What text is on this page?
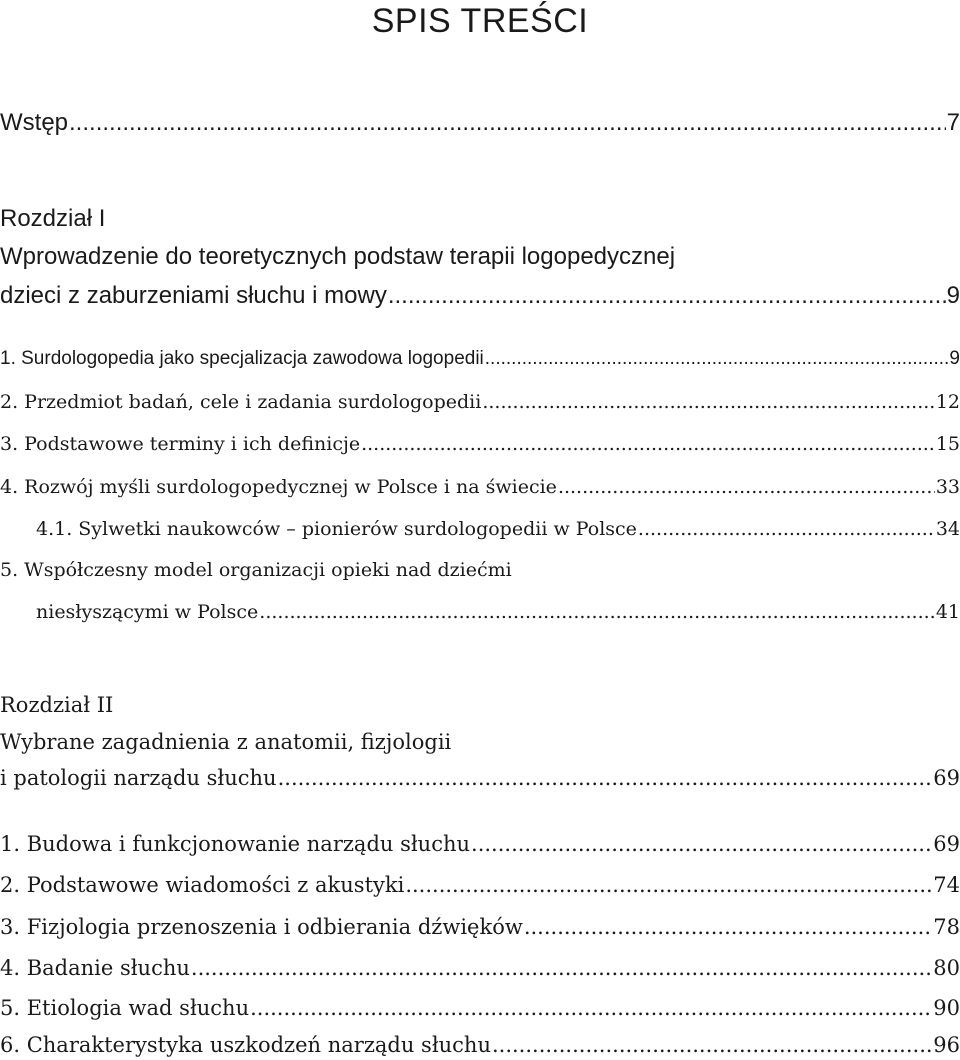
SPIS TREŚCI
Wstęp .....	7
Rozdział I
Wprowadzenie do teoretycznych podstaw terapii logopedycznej
dzieci z zaburzeniami słuchu i mowy .....	9
1. Surdologopedia jako specjalizacja zawodowa logopedii .....	9
2. Przedmiot badań, cele i zadania surdologopedii .....	12
3. Podstawowe terminy i ich definicje .....	15
4. Rozwój myśli surdologopedycznej w Polsce i na świecie .....	33
4.1. Sylwetki naukowców – pionierów surdologopedii w Polsce .....	34
5. Współczesny model organizacji opieki nad dziećmi
niesłyszącymi w Polsce .....	41
Rozdział II
Wybrane zagadnienia z anatomii, fizjologii
i patologii narządu słuchu .....	69
1. Budowa i funkcjonowanie narządu słuchu .....	69
2. Podstawowe wiadomości z akustyki .....	74
3. Fizjologia przenoszenia i odbierania dźwięków .....	78
4. Badanie słuchu .....	80
5. Etiologia wad słuchu .....	90
6. Charakterystyka uszkodzeń narządu słuchu .....	96
